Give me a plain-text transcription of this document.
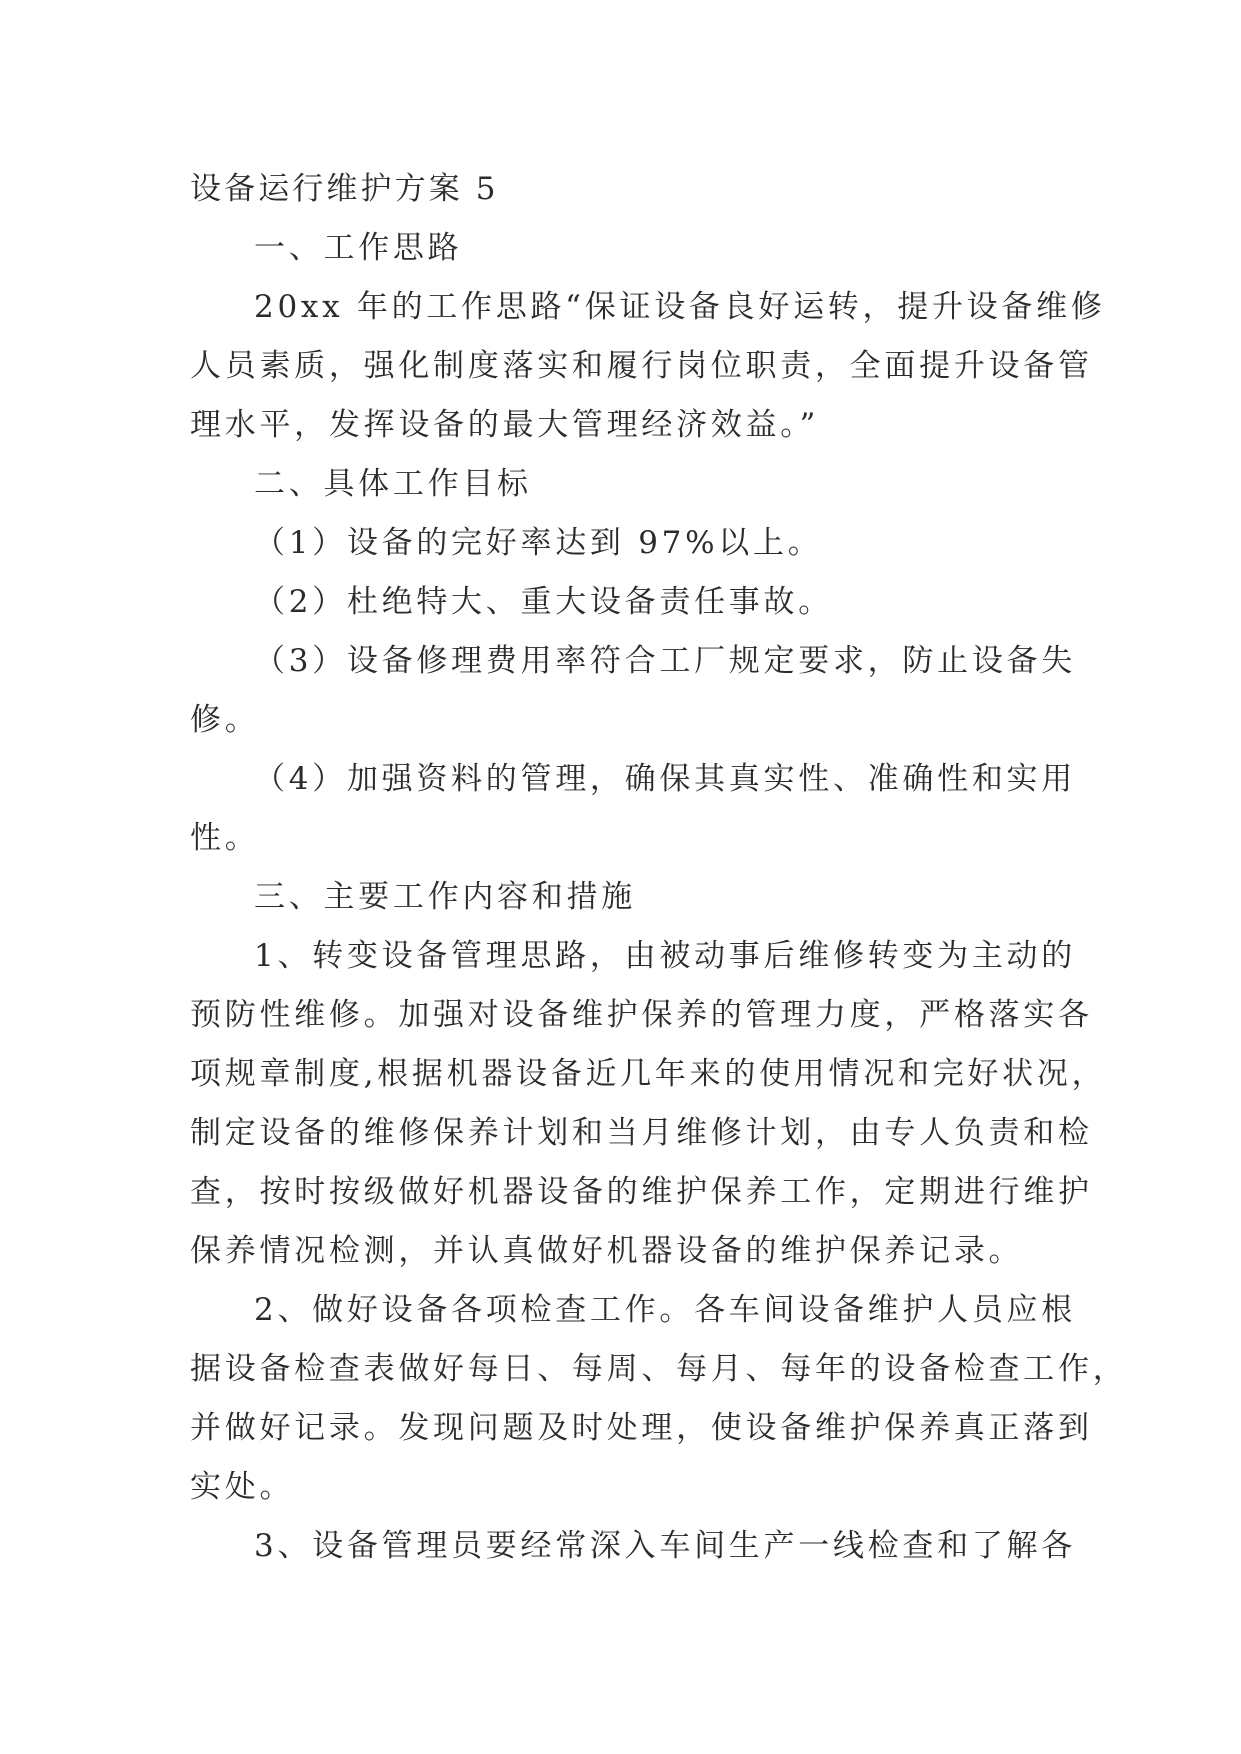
设备运行维护方案 5
一、工作思路
20xx 年的工作思路“保证设备良好运转，提升设备维修
人员素质，强化制度落实和履行岗位职责，全面提升设备管
理水平，发挥设备的最大管理经济效益。”
二、具体工作目标
（1）设备的完好率达到 97%以上。
（2）杜绝特大、重大设备责任事故。
（3）设备修理费用率符合工厂规定要求，防止设备失
修。
（4）加强资料的管理，确保其真实性、准确性和实用
性。
三、主要工作内容和措施
1、转变设备管理思路，由被动事后维修转变为主动的
预防性维修。加强对设备维护保养的管理力度，严格落实各
项规章制度,根据机器设备近几年来的使用情况和完好状况，
制定设备的维修保养计划和当月维修计划，由专人负责和检
查，按时按级做好机器设备的维护保养工作，定期进行维护
保养情况检测，并认真做好机器设备的维护保养记录。
2、做好设备各项检查工作。各车间设备维护人员应根
据设备检查表做好每日、每周、每月、每年的设备检查工作，
并做好记录。发现问题及时处理，使设备维护保养真正落到
实处。
3、设备管理员要经常深入车间生产一线检查和了解各
